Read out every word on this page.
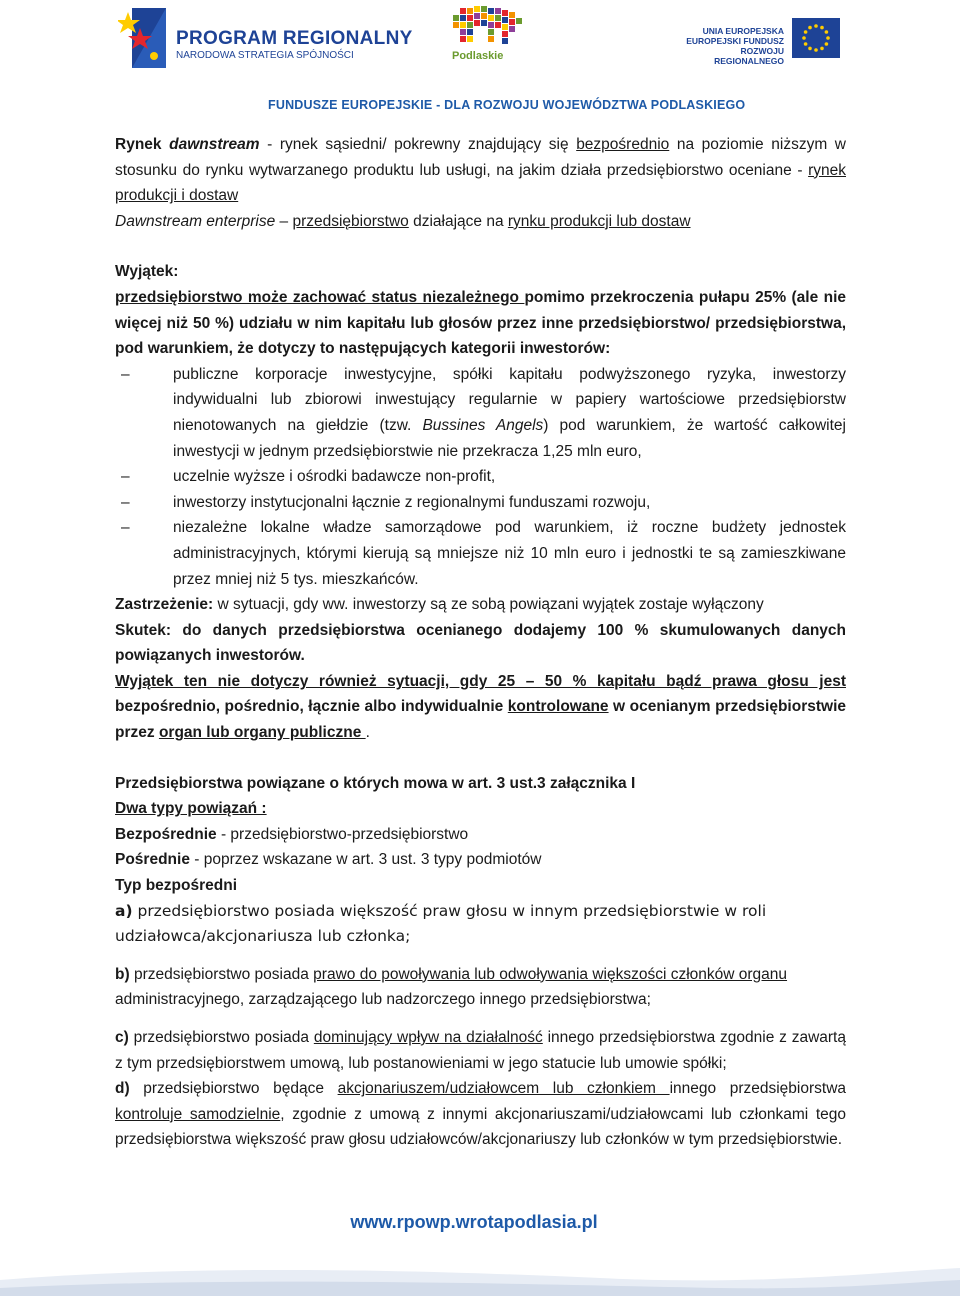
PROGRAM REGIONALNY
NARODOWA STRATEGIA SPÓJNOŚCI	Podlaskie
UNIA EUROPEJSKA
EUROPEJSKI FUNDUSZ
ROZWOJU REGIONALNEGO
FUNDUSZE EUROPEJSKIE - DLA ROZWOJU WOJEWÓDZTWA PODLASKIEGO
Rynek dawnstream - rynek sąsiedni/ pokrewny znajdujący się bezpośrednio na poziomie niższym w stosunku do rynku wytwarzanego produktu lub usługi, na jakim działa przedsiębiorstwo oceniane - rynek produkcji i dostaw
Dawnstream enterprise – przedsiębiorstwo działające na rynku produkcji lub dostaw
Wyjątek:
przedsiębiorstwo może zachować status niezależnego pomimo przekroczenia pułapu 25% (ale nie więcej niż 50 %) udziału w nim kapitału lub głosów przez inne przedsiębiorstwo/ przedsiębiorstwa, pod warunkiem, że dotyczy to następujących kategorii inwestorów:
–	publiczne korporacje inwestycyjne, spółki kapitału podwyższonego ryzyka, inwestorzy indywidualni lub zbiorowi inwestujący regularnie w papiery wartościowe przedsiębiorstw nienotowanych na giełdzie (tzw. Bussines Angels) pod warunkiem, że wartość całkowitej inwestycji w jednym przedsiębiorstwie nie przekracza 1,25 mln euro,
–	uczelnie wyższe i ośrodki badawcze non-profit,
–	inwestorzy instytucjonalni łącznie z regionalnymi funduszami rozwoju,
–	niezależne lokalne władze samorządowe pod warunkiem, iż roczne budżety jednostek administracyjnych, którymi kierują są mniejsze niż 10 mln euro i jednostki te są zamieszkiwane przez mniej niż 5 tys. mieszkańców.
Zastrzeżenie: w sytuacji, gdy ww. inwestorzy są ze sobą powiązani wyjątek zostaje wyłączony
Skutek: do danych przedsiębiorstwa ocenianego dodajemy 100 % skumulowanych danych powiązanych inwestorów.
Wyjątek ten nie dotyczy również sytuacji, gdy 25 – 50 % kapitału bądź prawa głosu jest bezpośrednio, pośrednio, łącznie albo indywidualnie kontrolowane w ocenianym przedsiębiorstwie przez organ lub organy publiczne .
Przedsiębiorstwa powiązane o których mowa w art. 3 ust.3 załącznika I
Dwa typy powiązań :
Bezpośrednie - przedsiębiorstwo-przedsiębiorstwo
Pośrednie - poprzez wskazane w art. 3 ust. 3 typy podmiotów
Typ bezpośredni
a) przedsiębiorstwo posiada większość praw głosu w innym przedsiębiorstwie w roli udziałowca/akcjonariusza lub członka;
b) przedsiębiorstwo posiada prawo do powoływania lub odwoływania większości członków organu administracyjnego, zarządzającego lub nadzorczego innego przedsiębiorstwa;
c) przedsiębiorstwo posiada dominujący wpływ na działalność innego przedsiębiorstwa zgodnie z zawartą z tym przedsiębiorstwem umową, lub postanowieniami w jego statucie lub umowie spółki;
d) przedsiębiorstwo będące akcjonariuszem/udziałowcem lub członkiem innego przedsiębiorstwa kontroluje samodzielnie, zgodnie z umową z innymi akcjonariuszami/udziałowcami lub członkami tego przedsiębiorstwa większość praw głosu udziałowców/akcjonariuszy lub członków w tym przedsiębiorstwie.
www.rpowp.wrotapodlasia.pl
